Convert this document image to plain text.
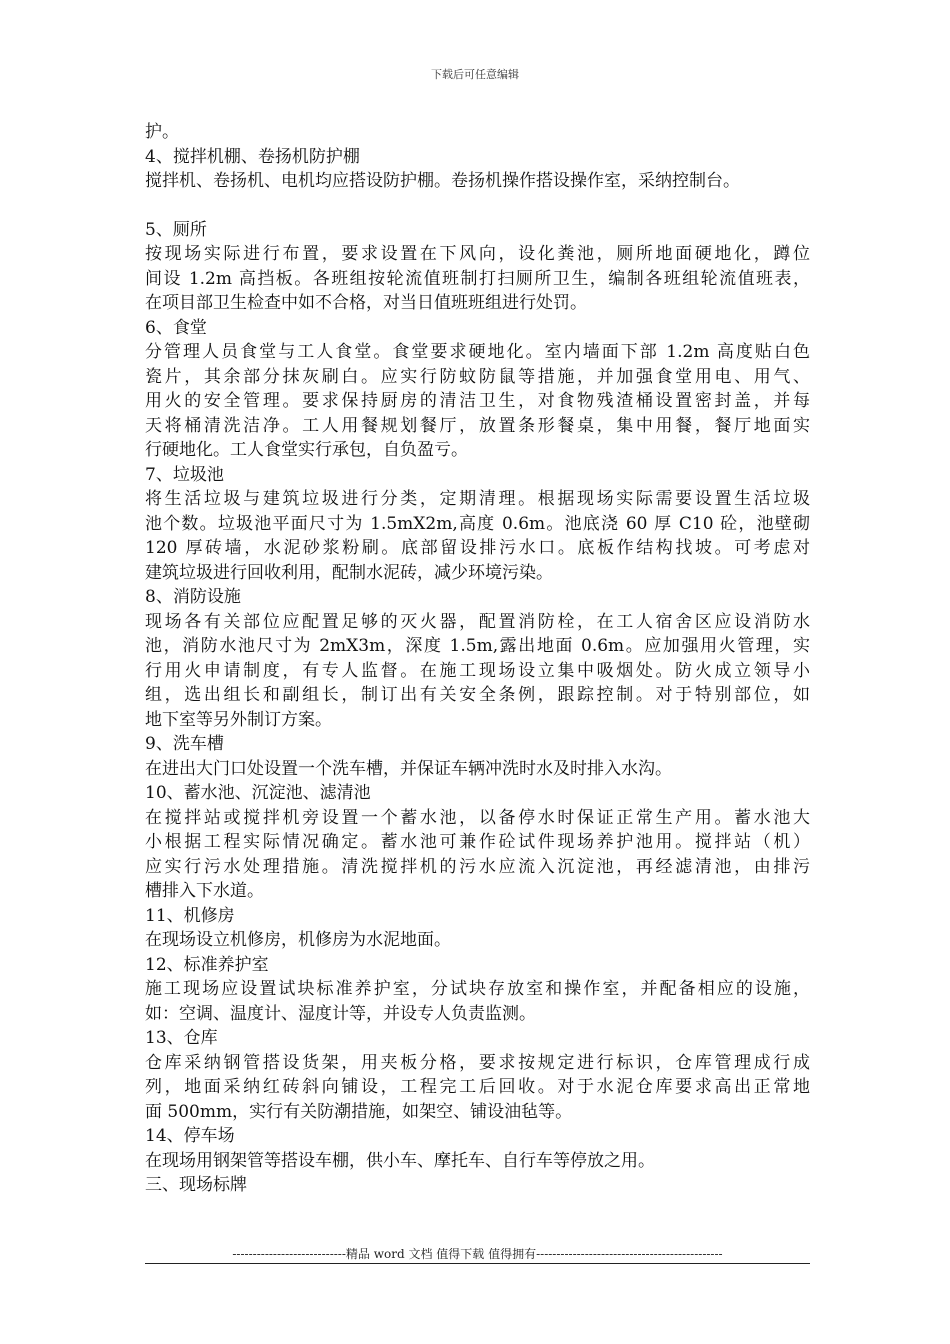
下载后可任意编辑
护。
4、搅拌机棚、卷扬机防护棚
搅拌机、卷扬机、电机均应搭设防护棚。卷扬机操作搭设操作室，采纳控制台。
5、厕所
按现场实际进行布置，要求设置在下风向，设化粪池，厕所地面硬地化，蹲位
间设 1.2m 高挡板。各班组按轮流值班制打扫厕所卫生，编制各班组轮流值班表，
在项目部卫生检查中如不合格，对当日值班班组进行处罚。
6、食堂
分管理人员食堂与工人食堂。食堂要求硬地化。室内墙面下部 1.2m 高度贴白色
瓷片，其余部分抹灰刷白。应实行防蚊防鼠等措施，并加强食堂用电、用气、
用火的安全管理。要求保持厨房的清洁卫生，对食物残渣桶设置密封盖，并每
天将桶清洗洁净。工人用餐规划餐厅，放置条形餐桌，集中用餐，餐厅地面实
行硬地化。工人食堂实行承包，自负盈亏。
7、垃圾池
将生活垃圾与建筑垃圾进行分类，定期清理。根据现场实际需要设置生活垃圾
池个数。垃圾池平面尺寸为 1.5mX2m,高度 0.6m。池底浇 60 厚 C10 砼，池壁砌
120 厚砖墙，水泥砂浆粉刷。底部留设排污水口。底板作结构找坡。可考虑对
建筑垃圾进行回收利用，配制水泥砖，减少环境污染。
8、消防设施
现场各有关部位应配置足够的灭火器，配置消防栓，在工人宿舍区应设消防水
池，消防水池尺寸为 2mX3m，深度 1.5m,露出地面 0.6m。应加强用火管理，实
行用火申请制度，有专人监督。在施工现场设立集中吸烟处。防火成立领导小
组，选出组长和副组长，制订出有关安全条例，跟踪控制。对于特别部位，如
地下室等另外制订方案。
9、洗车槽
在进出大门口处设置一个洗车槽，并保证车辆冲洗时水及时排入水沟。
10、蓄水池、沉淀池、滤清池
在搅拌站或搅拌机旁设置一个蓄水池，以备停水时保证正常生产用。蓄水池大
小根据工程实际情况确定。蓄水池可兼作砼试件现场养护池用。搅拌站（机）
应实行污水处理措施。清洗搅拌机的污水应流入沉淀池，再经滤清池，由排污
槽排入下水道。
11、机修房
在现场设立机修房，机修房为水泥地面。
12、标准养护室
施工现场应设置试块标准养护室，分试块存放室和操作室，并配备相应的设施，
如：空调、温度计、湿度计等，并设专人负责监测。
13、仓库
仓库采纳钢管搭设货架，用夹板分格，要求按规定进行标识，仓库管理成行成
列，地面采纳红砖斜向铺设，工程完工后回收。对于水泥仓库要求高出正常地
面 500mm，实行有关防潮措施，如架空、铺设油毡等。
14、停车场
在现场用钢架管等搭设车棚，供小车、摩托车、自行车等停放之用。
三、现场标牌
----------------------------精品 word 文档 值得下载 值得拥有----------------------------------------------
